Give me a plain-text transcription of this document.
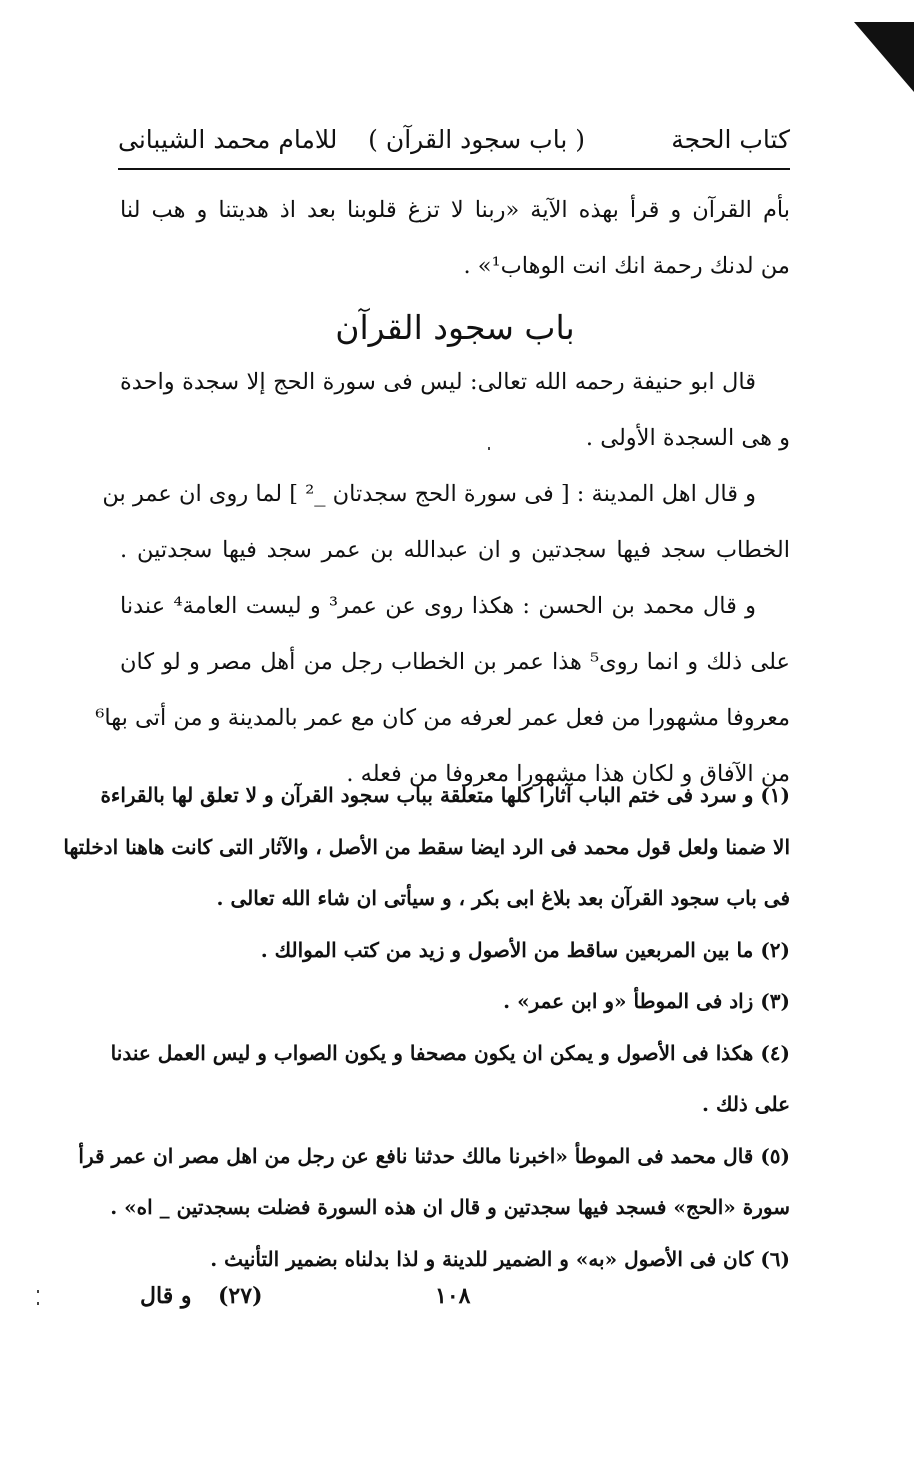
كتاب الحجة
( باب سجود القرآن )
للامام محمد الشيبانى
بأم القرآن و قرأ بهذه الآية «ربنا لا تزغ قلوبنا بعد اذ هديتنا و هب لنا
من لدنك رحمة انك انت الوهاب¹» .
باب سجود القرآن
قال ابو حنيفة رحمه الله تعالى: ليس فى سورة الحج إلا سجدة واحدة
و هى السجدة الأولى .
و قال اهل المدينة : [ فى سورة الحج سجدتان _² ] لما روى ان عمر بن
الخطاب سجد فيها سجدتين و ان عبدالله بن عمر سجد فيها سجدتين .
و قال محمد بن الحسن : هكذا روى عن عمر³ و ليست العامة⁴ عندنا
على ذلك و انما روى⁵ هذا عمر بن الخطاب رجل من أهل مصر و لو كان
معروفا مشهورا من فعل عمر لعرفه من كان مع عمر بالمدينة و من أتى بها⁶
من الآفاق و لكان هذا مشهورا معروفا من فعله .
(١) و سرد فى ختم الباب آثارا كلها متعلقة بباب سجود القرآن و لا تعلق لها بالقراءة
الا ضمنا ولعل قول محمد فى الرد ايضا سقط من الأصل ، والآثار التى كانت هاهنا ادخلتها
فى باب سجود القرآن بعد بلاغ ابى بكر ، و سيأتى ان شاء الله تعالى .
(٢) ما بين المربعين ساقط من الأصول و زيد من كتب الموالك .
(٣) زاد فى الموطأ «و ابن عمر» .
(٤) هكذا فى الأصول و يمكن ان يكون مصحفا و يكون الصواب و ليس العمل عندنا
على ذلك .
(٥) قال محمد فى الموطأ «اخبرنا مالك حدثنا نافع عن رجل من اهل مصر ان عمر قرأ
سورة «الحج» فسجد فيها سجدتين و قال ان هذه السورة فضلت بسجدتين _ اه» .
(٦) كان فى الأصول «به» و الضمير للدينة و لذا بدلناه بضمير التأنيث .
و قال (٢٧)	١٠٨
